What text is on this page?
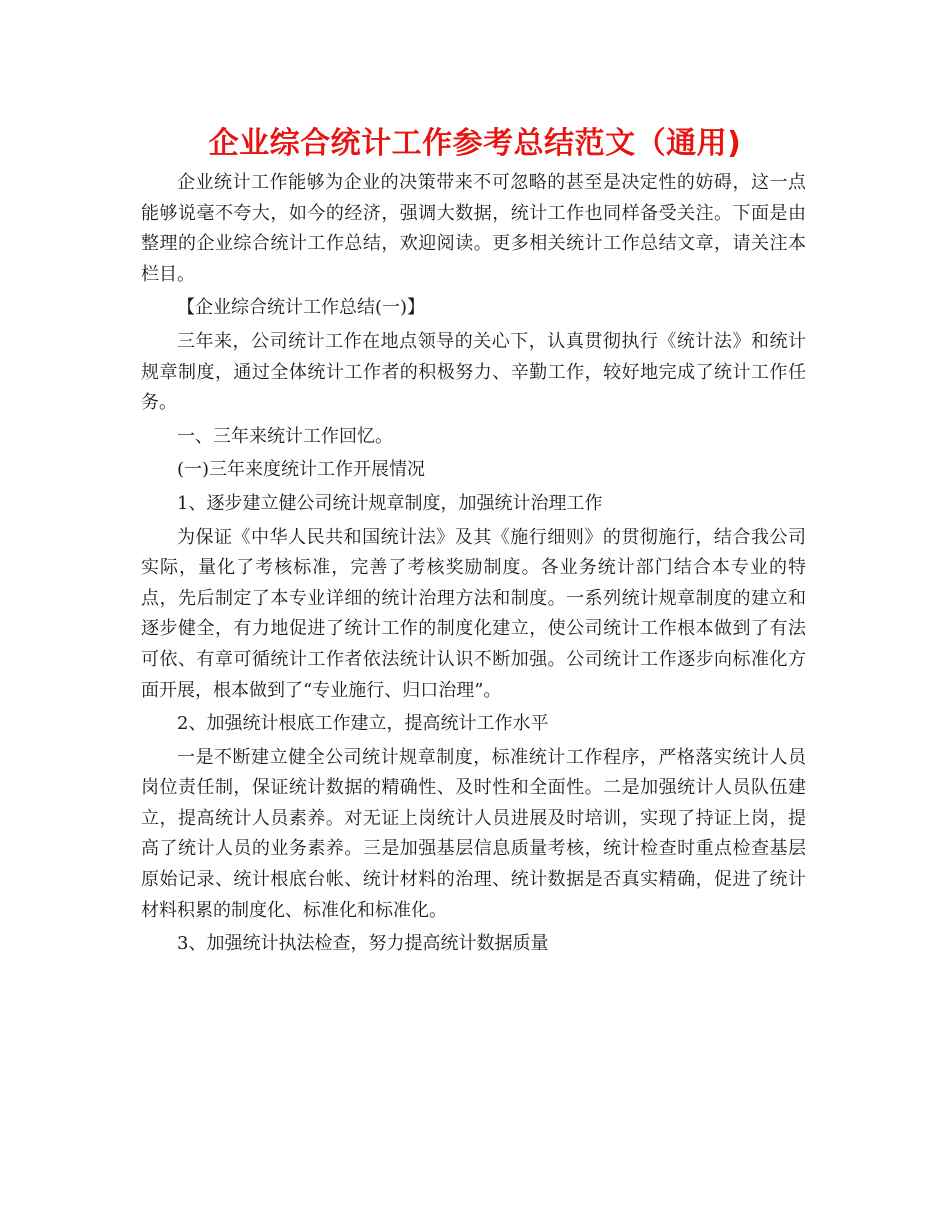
企业综合统计工作参考总结范文（通用)

企业统计工作能够为企业的决策带来不可忽略的甚至是决定性的妨碍，这一点能够说毫不夸大，如今的经济，强调大数据，统计工作也同样备受关注。下面是由整理的企业综合统计工作总结，欢迎阅读。更多相关统计工作总结文章，请关注本栏目。

【企业综合统计工作总结(一)】

三年来，公司统计工作在地点领导的关心下，认真贯彻执行《统计法》和统计规章制度，通过全体统计工作者的积极努力、辛勤工作，较好地完成了统计工作任务。

一、三年来统计工作回忆。

(一)三年来度统计工作开展情况

1、逐步建立健公司统计规章制度，加强统计治理工作

为保证《中华人民共和国统计法》及其《施行细则》的贯彻施行，结合我公司实际，量化了考核标准，完善了考核奖励制度。各业务统计部门结合本专业的特点，先后制定了本专业详细的统计治理方法和制度。一系列统计规章制度的建立和逐步健全，有力地促进了统计工作的制度化建立，使公司统计工作根本做到了有法可依、有章可循统计工作者依法统计认识不断加强。公司统计工作逐步向标准化方面开展，根本做到了“专业施行、归口治理”。

2、加强统计根底工作建立，提高统计工作水平

一是不断建立健全公司统计规章制度，标准统计工作程序，严格落实统计人员岗位责任制，保证统计数据的精确性、及时性和全面性。二是加强统计人员队伍建立，提高统计人员素养。对无证上岗统计人员进展及时培训，实现了持证上岗，提高了统计人员的业务素养。三是加强基层信息质量考核，统计检查时重点检查基层原始记录、统计根底台帐、统计材料的治理、统计数据是否真实精确，促进了统计材料积累的制度化、标准化和标准化。

3、加强统计执法检查，努力提高统计数据质量
